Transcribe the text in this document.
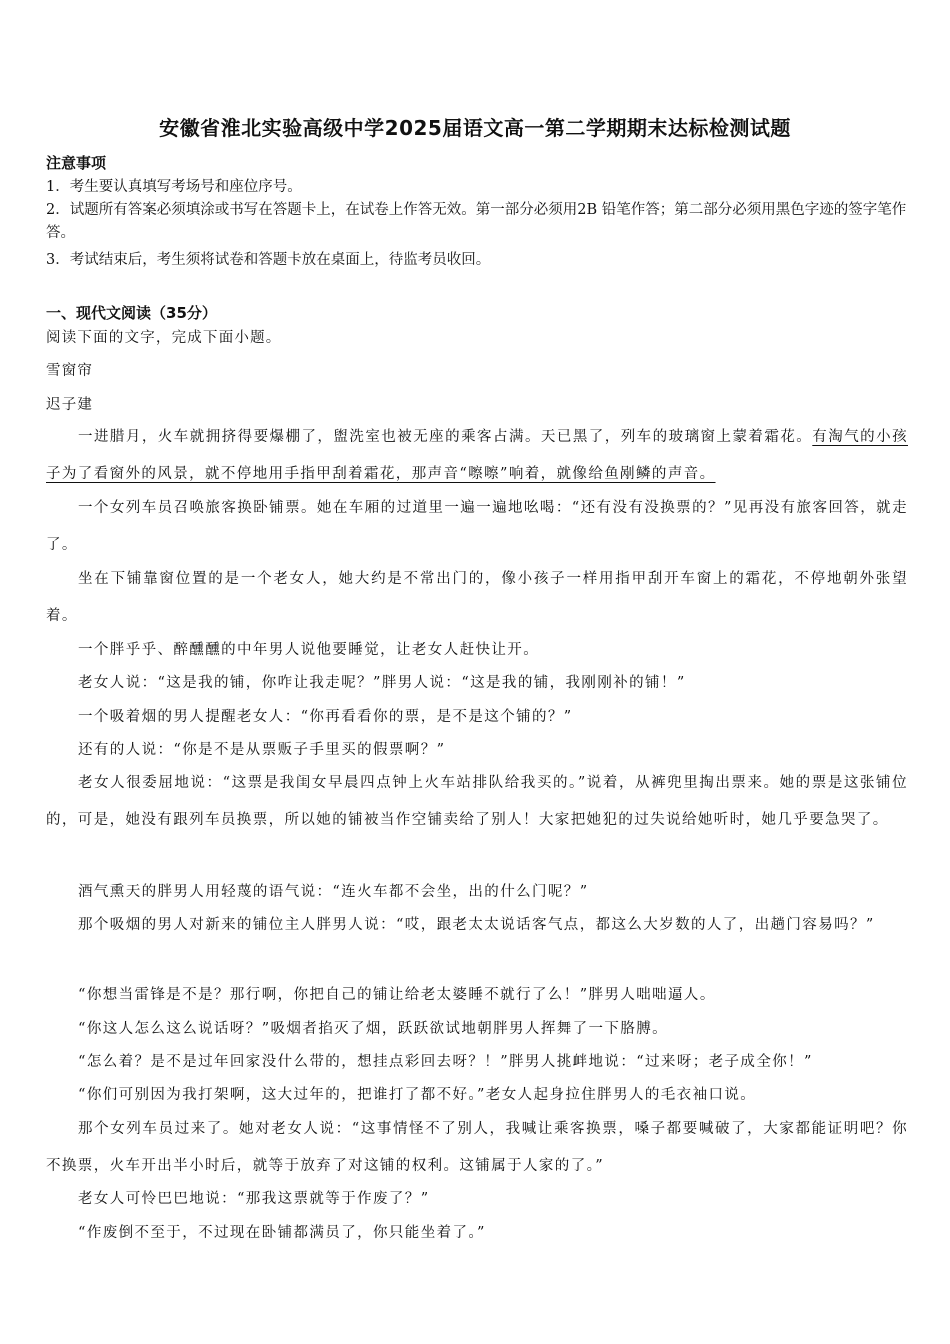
安徽省淮北实验高级中学2025届语文高一第二学期期末达标检测试题
注意事项
1．考生要认真填写考场号和座位序号。
2．试题所有答案必须填涂或书写在答题卡上，在试卷上作答无效。第一部分必须用2B 铅笔作答；第二部分必须用黑色字迹的签字笔作答。
3．考试结束后，考生须将试卷和答题卡放在桌面上，待监考员收回。
一、现代文阅读（35分）
阅读下面的文字，完成下面小题。
雪窗帘
迟子建
一进腊月，火车就拥挤得要爆棚了，盥洗室也被无座的乘客占满。天已黑了，列车的玻璃窗上蒙着霜花。有淘气的小孩子为了看窗外的风景，就不停地用手指甲刮着霜花，那声音“嚓嚓”响着，就像给鱼剐鳞的声音。
一个女列车员召唤旅客换卧铺票。她在车厢的过道里一遍一遍地吆喝：“还有没有没换票的？”见再没有旅客回答，就走了。
坐在下铺靠窗位置的是一个老女人，她大约是不常出门的，像小孩子一样用指甲刮开车窗上的霜花，不停地朝外张望着。
一个胖乎乎、醉醺醺的中年男人说他要睡觉，让老女人赶快让开。
老女人说：“这是我的铺，你咋让我走呢？”胖男人说：“这是我的铺，我刚刚补的铺！”
一个吸着烟的男人提醒老女人：“你再看看你的票，是不是这个铺的？”
还有的人说：“你是不是从票贩子手里买的假票啊？”
老女人很委屈地说：“这票是我闺女早晨四点钟上火车站排队给我买的。”说着，从裤兜里掏出票来。她的票是这张铺位的，可是，她没有跟列车员换票，所以她的铺被当作空铺卖给了别人！大家把她犯的过失说给她听时，她几乎要急哭了。
酒气熏天的胖男人用轻蔑的语气说：“连火车都不会坐，出的什么门呢？”
那个吸烟的男人对新来的铺位主人胖男人说：“哎，跟老太太说话客气点，都这么大岁数的人了，出趟门容易吗？”
“你想当雷锋是不是？那行啊，你把自己的铺让给老太婆睡不就行了么！”胖男人咄咄逼人。
“你这人怎么这么说话呀？”吸烟者掐灭了烟，跃跃欲试地朝胖男人挥舞了一下胳膊。
“怎么着？是不是过年回家没什么带的，想挂点彩回去呀？！”胖男人挑衅地说：“过来呀；老子成全你！”
“你们可别因为我打架啊，这大过年的，把谁打了都不好。”老女人起身拉住胖男人的毛衣袖口说。
那个女列车员过来了。她对老女人说：“这事情怪不了别人，我喊让乘客换票，嗓子都要喊破了，大家都能证明吧？你不换票，火车开出半小时后，就等于放弃了对这铺的权利。这铺属于人家的了。”
老女人可怜巴巴地说：“那我这票就等于作废了？”
“作废倒不至于，不过现在卧铺都满员了，你只能坐着了。”
